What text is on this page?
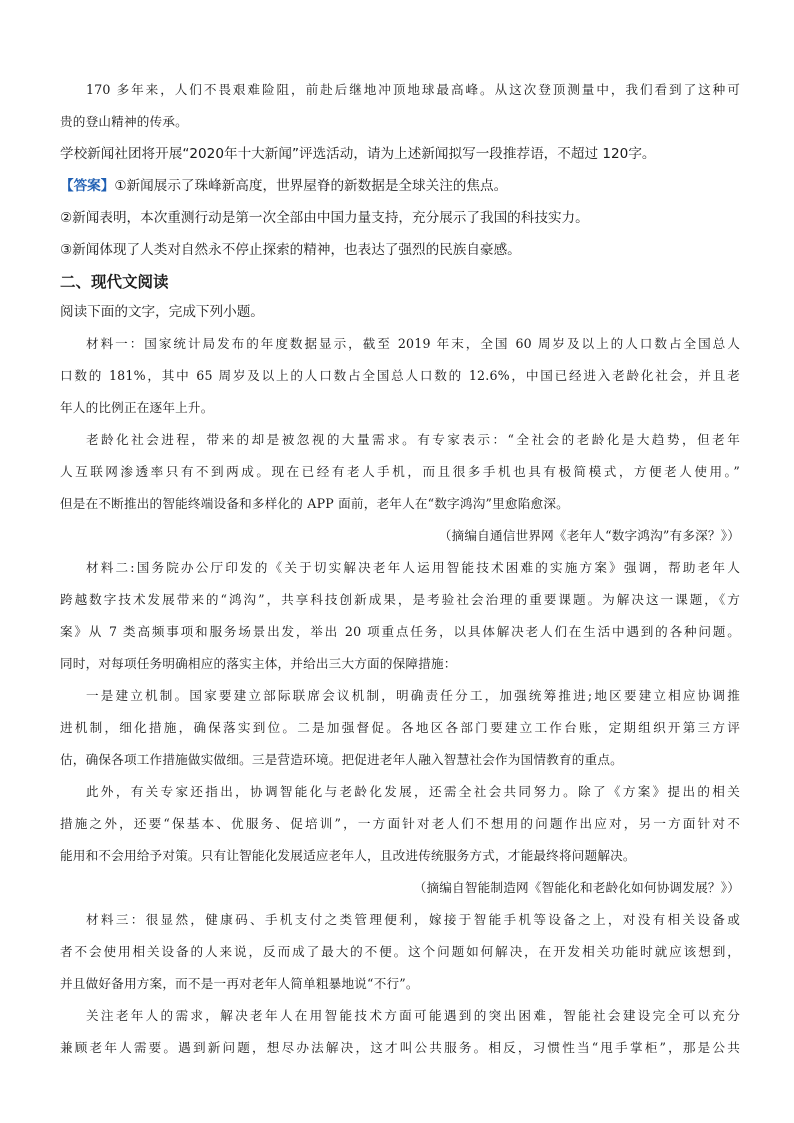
170 多年来，人们不畏艰难险阻，前赴后继地冲顶地球最高峰。从这次登顶测量中，我们看到了这种可
贵的登山精神的传承。
学校新闻社团将开展“2020年十大新闻”评选活动，请为上述新闻拟写一段推荐语，不超过 120字。
【答案】①新闻展示了珠峰新高度，世界屋脊的新数据是全球关注的焦点。
②新闻表明，本次重测行动是第一次全部由中国力量支持，充分展示了我国的科技实力。
③新闻体现了人类对自然永不停止探索的精神，也表达了强烈的民族自豪感。
二、现代文阅读
阅读下面的文字，完成下列小题。
材料一：国家统计局发布的年度数据显示，截至 2019 年末，全国 60 周岁及以上的人口数占全国总人
口数的 181%，其中 65 周岁及以上的人口数占全国总人口数的 12.6%，中国已经进入老龄化社会，并且老
年人的比例正在逐年上升。
老龄化社会进程，带来的却是被忽视的大量需求。有专家表示：“全社会的老龄化是大趋势，但老年
人互联网渗透率只有不到两成。现在已经有老人手机，而且很多手机也具有极简模式，方便老人使用。”
但是在不断推出的智能终端设备和多样化的 APP 面前，老年人在“数字鸿沟”里愈陷愈深。
（摘编自通信世界网《老年人“数字鸿沟”有多深？》）
材料二:国务院办公厅印发的《关于切实解决老年人运用智能技术困难的实施方案》强调，帮助老年人
跨越数字技术发展带来的“鸿沟”，共享科技创新成果，是考验社会治理的重要课题。为解决这一课题，《方
案》从 7 类高频事项和服务场景出发，举出 20 项重点任务，以具体解决老人们在生活中遇到的各种问题。
同时，对每项任务明确相应的落实主体，并给出三大方面的保障措施：
一是建立机制。国家要建立部际联席会议机制，明确责任分工，加强统筹推进;地区要建立相应协调推
进机制，细化措施，确保落实到位。二是加强督促。各地区各部门要建立工作台账，定期组织开第三方评
估，确保各项工作措施做实做细。三是营造环境。把促进老年人融入智慧社会作为国情教育的重点。
此外，有关专家还指出，协调智能化与老龄化发展，还需全社会共同努力。除了《方案》提出的相关
措施之外，还要“保基本、优服务、促培训”，一方面针对老人们不想用的问题作出应对，另一方面针对不
能用和不会用给予对策。只有让智能化发展适应老年人，且改进传统服务方式，才能最终将问题解决。
（摘编自智能制造网《智能化和老龄化如何协调发展？》）
材料三：很显然，健康码、手机支付之类管理便利，嫁接于智能手机等设备之上，对没有相关设备或
者不会使用相关设备的人来说，反而成了最大的不便。这个问题如何解决，在开发相关功能时就应该想到，
并且做好备用方案，而不是一再对老年人简单粗暴地说“不行”。
关注老年人的需求，解决老年人在用智能技术方面可能遇到的突出困难，智能社会建设完全可以充分
兼顾老年人需要。遇到新问题，想尽办法解决，这才叫公共服务。相反，习惯性当“甩手掌柜”，那是公共
